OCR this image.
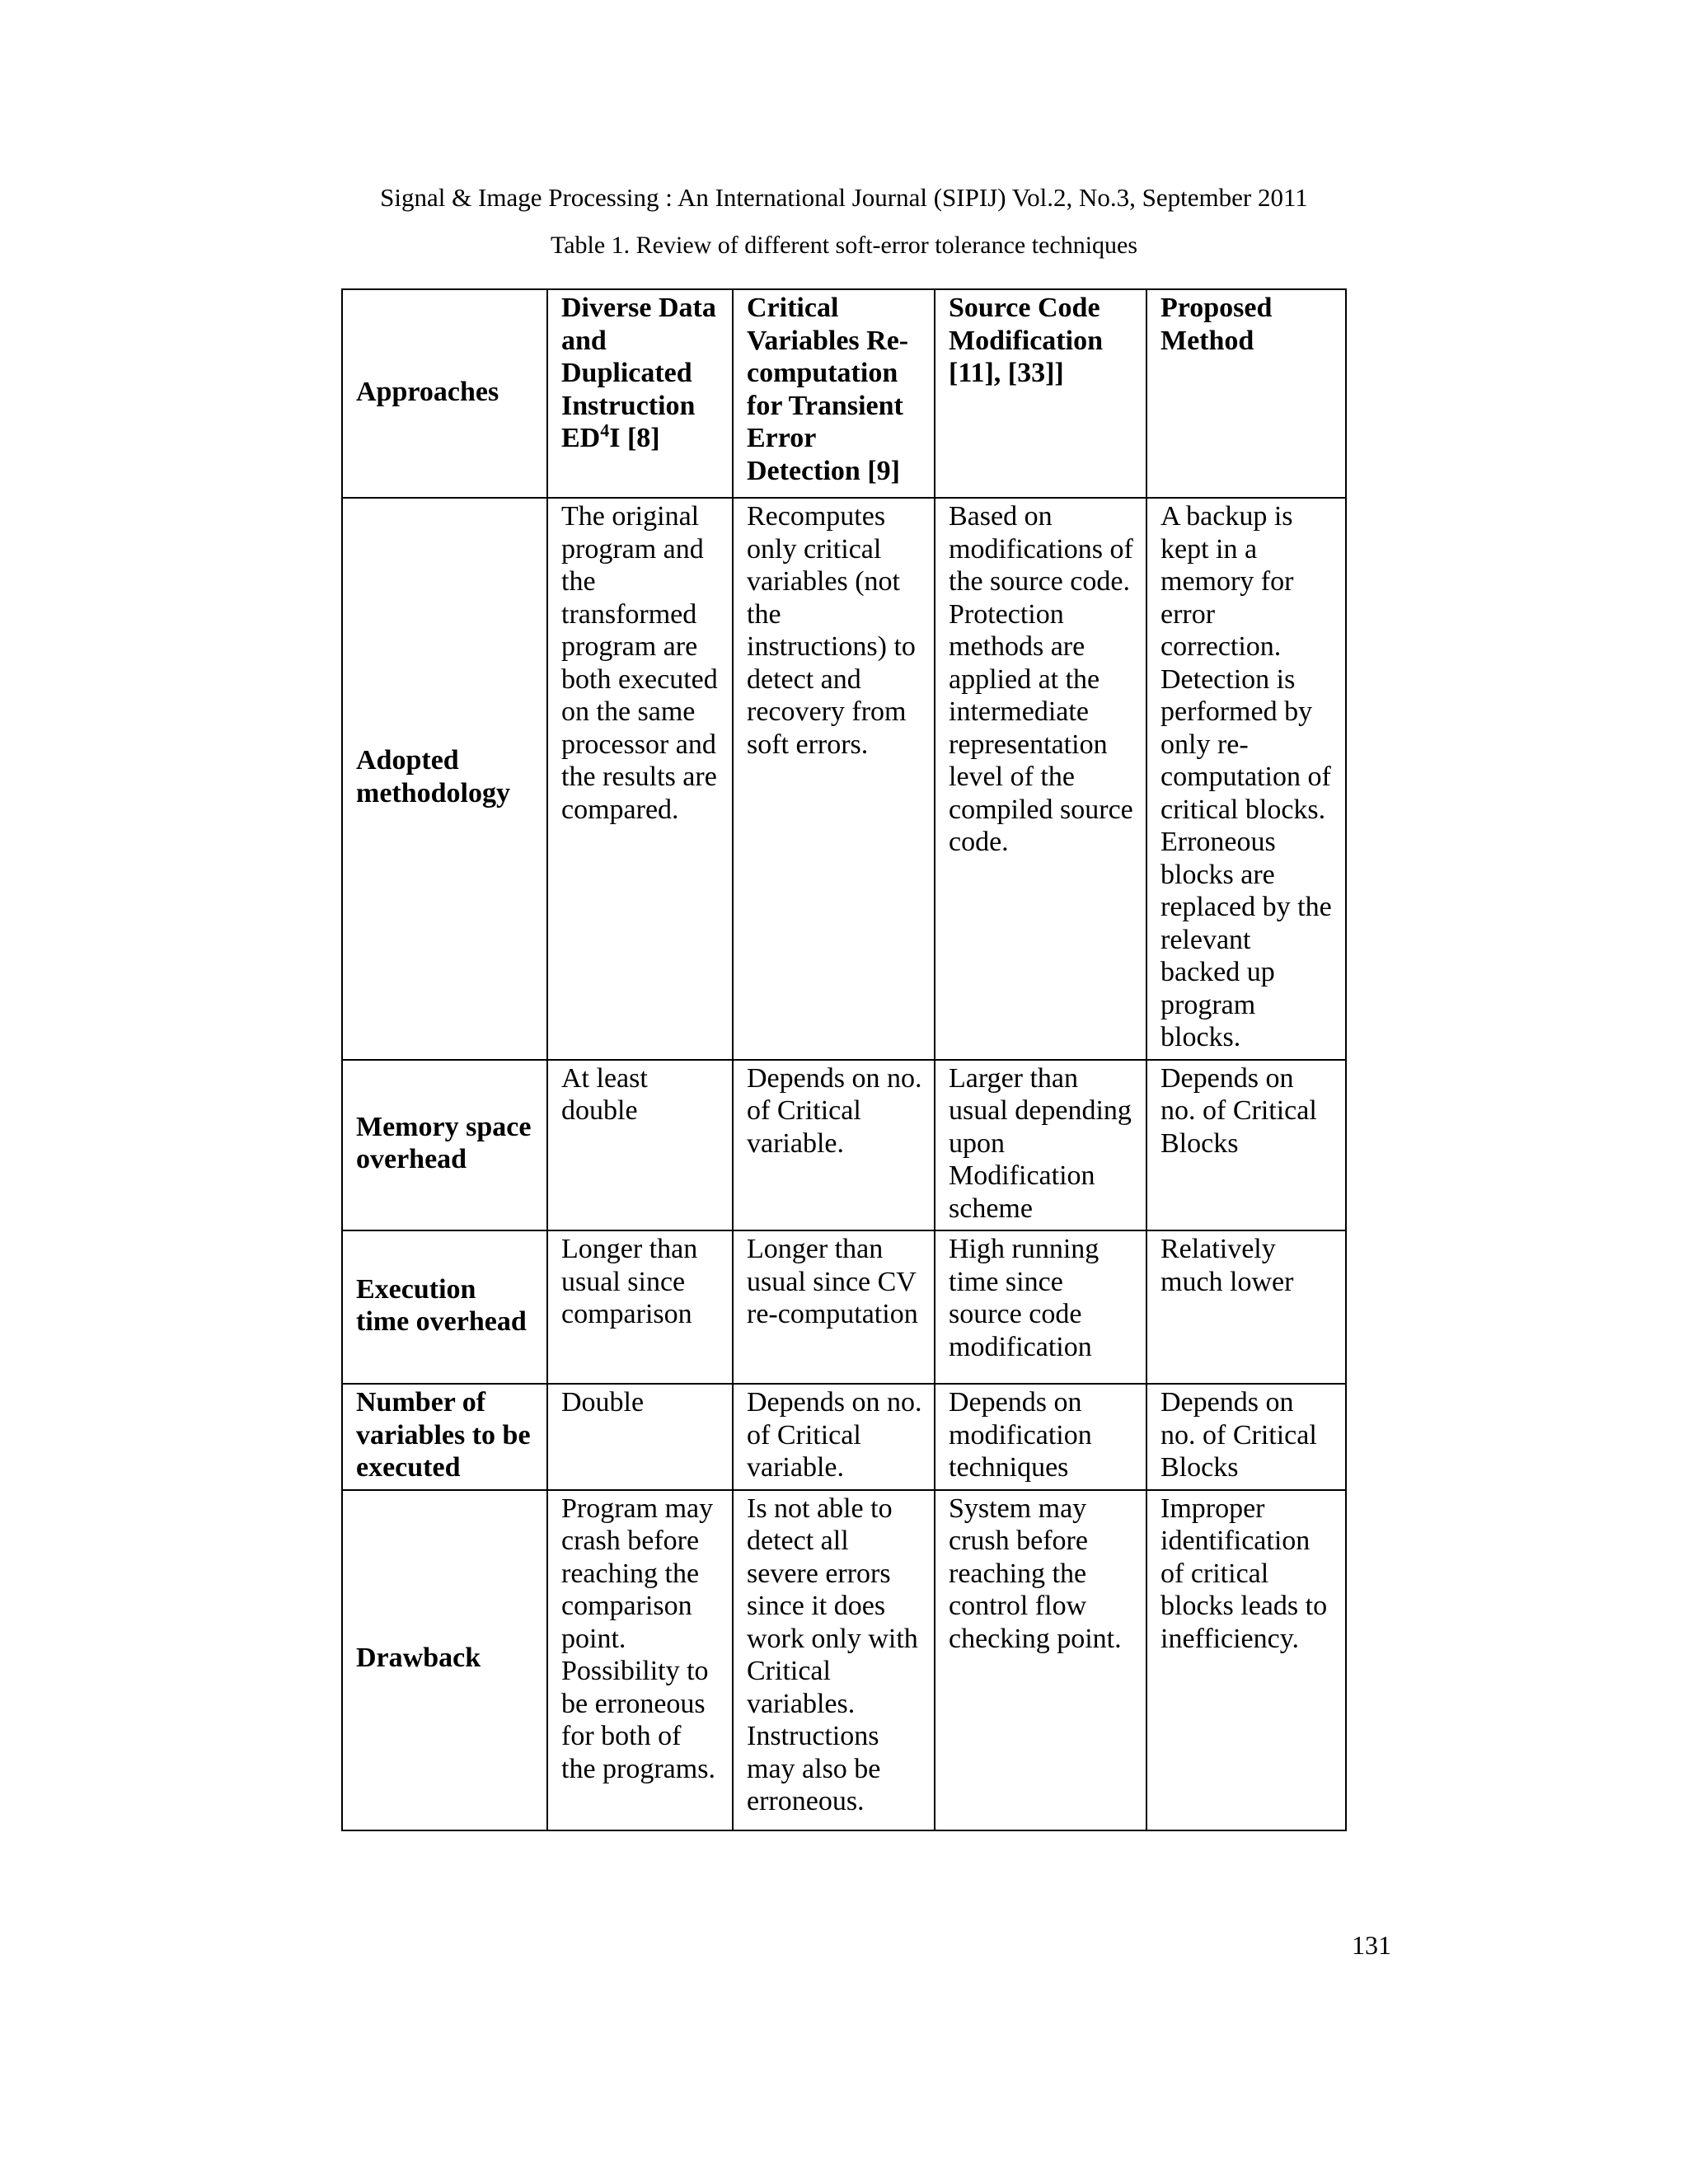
Signal & Image Processing : An International Journal (SIPIJ) Vol.2, No.3, September 2011
Table 1. Review of different soft-error tolerance techniques
Approaches	Diverse Data and Duplicated Instruction ED$^4$I [8]	Critical Variables Re-computation for Transient Error Detection [9]	Source Code Modification [11], [33]]	Proposed Method
Adopted methodology	The original program and the transformed program are both executed on the same processor and the results are compared.	Recomputes only critical variables (not the instructions) to detect and recovery from soft errors.	Based on modifications of the source code. Protection methods are applied at the intermediate representation level of the compiled source code.	A backup is kept in a memory for error correction. Detection is performed by only re-computation of critical blocks. Erroneous blocks are replaced by the relevant backed up program blocks.
Memory space overhead	At least double	Depends on no. of Critical variable.	Larger than usual depending upon Modification scheme	Depends on no. of Critical Blocks
Execution time overhead	Longer than usual since comparison	Longer than usual since CV re-computation	High running time since source code modification	Relatively much lower
Number of variables to be executed	Double	Depends on no. of Critical variable.	Depends on modification techniques	Depends on no. of Critical Blocks
Drawback	Program may crash before reaching the comparison point. Possibility to be erroneous for both of the programs.	Is not able to detect all severe errors since it does work only with Critical variables. Instructions may also be erroneous.	System may crush before reaching the control flow checking point.	Improper identification of critical blocks leads to inefficiency.
131
